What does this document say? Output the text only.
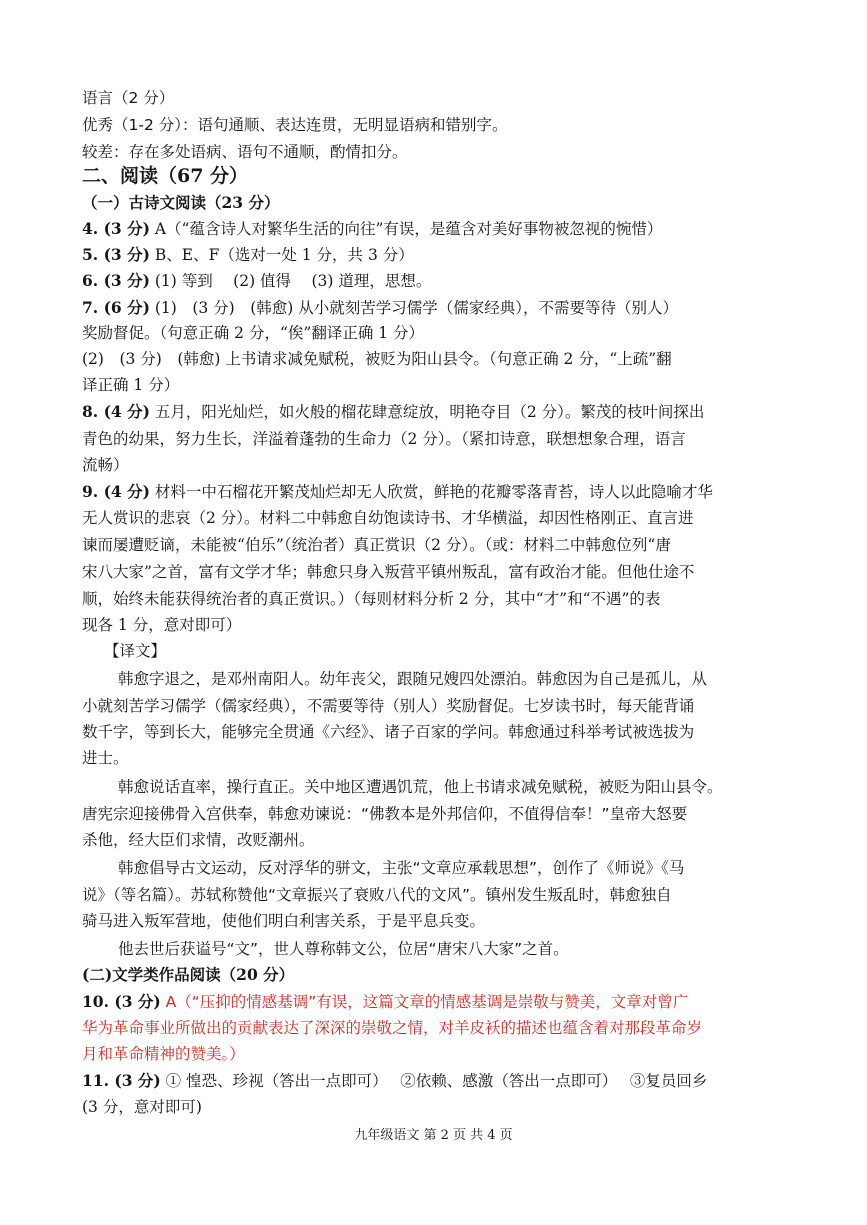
语言（2 分）
优秀（1-2 分）：语句通顺、表达连贯，无明显语病和错别字。
较差：存在多处语病、语句不通顺，酌情扣分。
二、阅读（67 分）
（一）古诗文阅读（23 分）
4. (3 分) A（“蕴含诗人对繁华生活的向往”有误，是蕴含对美好事物被忽视的惋惜）
5. (3 分) B、E、F（选对一处 1 分，共 3 分）
6. (3 分) (1) 等到　 (2) 值得　 (3) 道理，思想。
7. (6 分) (1)　(3 分)　(韩愈) 从小就刻苦学习儒学（儒家经典），不需要等待（别人）
奖励督促。（句意正确 2 分，“俟”翻译正确 1 分）
(2)　(3 分)　(韩愈) 上书请求减免赋税，被贬为阳山县令。（句意正确 2 分，“上疏”翻
译正确 1 分）
8. (4 分) 五月，阳光灿烂，如火般的榴花肆意绽放，明艳夺目（2 分）。繁茂的枝叶间探出
青色的幼果，努力生长，洋溢着蓬勃的生命力（2 分）。（紧扣诗意，联想想象合理，语言
流畅）
9. (4 分) 材料一中石榴花开繁茂灿烂却无人欣赏，鲜艳的花瓣零落青苔，诗人以此隐喻才华
无人赏识的悲哀（2 分）。材料二中韩愈自幼饱读诗书、才华横溢，却因性格刚正、直言进
谏而屡遭贬谪，未能被“伯乐”（统治者）真正赏识（2 分）。（或：材料二中韩愈位列“唐
宋八大家”之首，富有文学才华；韩愈只身入叛营平镇州叛乱，富有政治才能。但他仕途不
顺，始终未能获得统治者的真正赏识。）（每则材料分析 2 分，其中“才”和“不遇”的表
现各 1 分，意对即可）
【译文】
韩愈字退之，是邓州南阳人。幼年丧父，跟随兄嫂四处漂泊。韩愈因为自己是孤儿，从
小就刻苦学习儒学（儒家经典），不需要等待（别人）奖励督促。七岁读书时，每天能背诵
数千字，等到长大，能够完全贯通《六经》、诸子百家的学问。韩愈通过科举考试被选拔为
进士。
韩愈说话直率，操行直正。关中地区遭遇饥荒，他上书请求减免赋税，被贬为阳山县令。
唐宪宗迎接佛骨入宫供奉，韩愈劝谏说：“佛教本是外邦信仰，不值得信奉！”皇帝大怒要
杀他，经大臣们求情，改贬潮州。
韩愈倡导古文运动，反对浮华的骈文，主张“文章应承载思想”，创作了《师说》《马
说》（等名篇）。苏轼称赞他“文章振兴了衰败八代的文风”。镇州发生叛乱时，韩愈独自
骑马进入叛军营地，使他们明白利害关系，于是平息兵变。
他去世后获谥号“文”，世人尊称韩文公，位居“唐宋八大家”之首。
(二)文学类作品阅读（20 分）
10. (3 分) A（“压抑的情感基调”有误，这篇文章的情感基调是崇敬与赞美，文章对曾广
华为革命事业所做出的贡献表达了深深的崇敬之情，对羊皮袄的描述也蕴含着对那段革命岁
月和革命精神的赞美。）
11. (3 分) ① 惶恐、珍视（答出一点即可）　 ②依赖、感激（答出一点即可）　 ③复员回乡
(3 分，意对即可)
九年级语文 第 2 页 共 4 页
